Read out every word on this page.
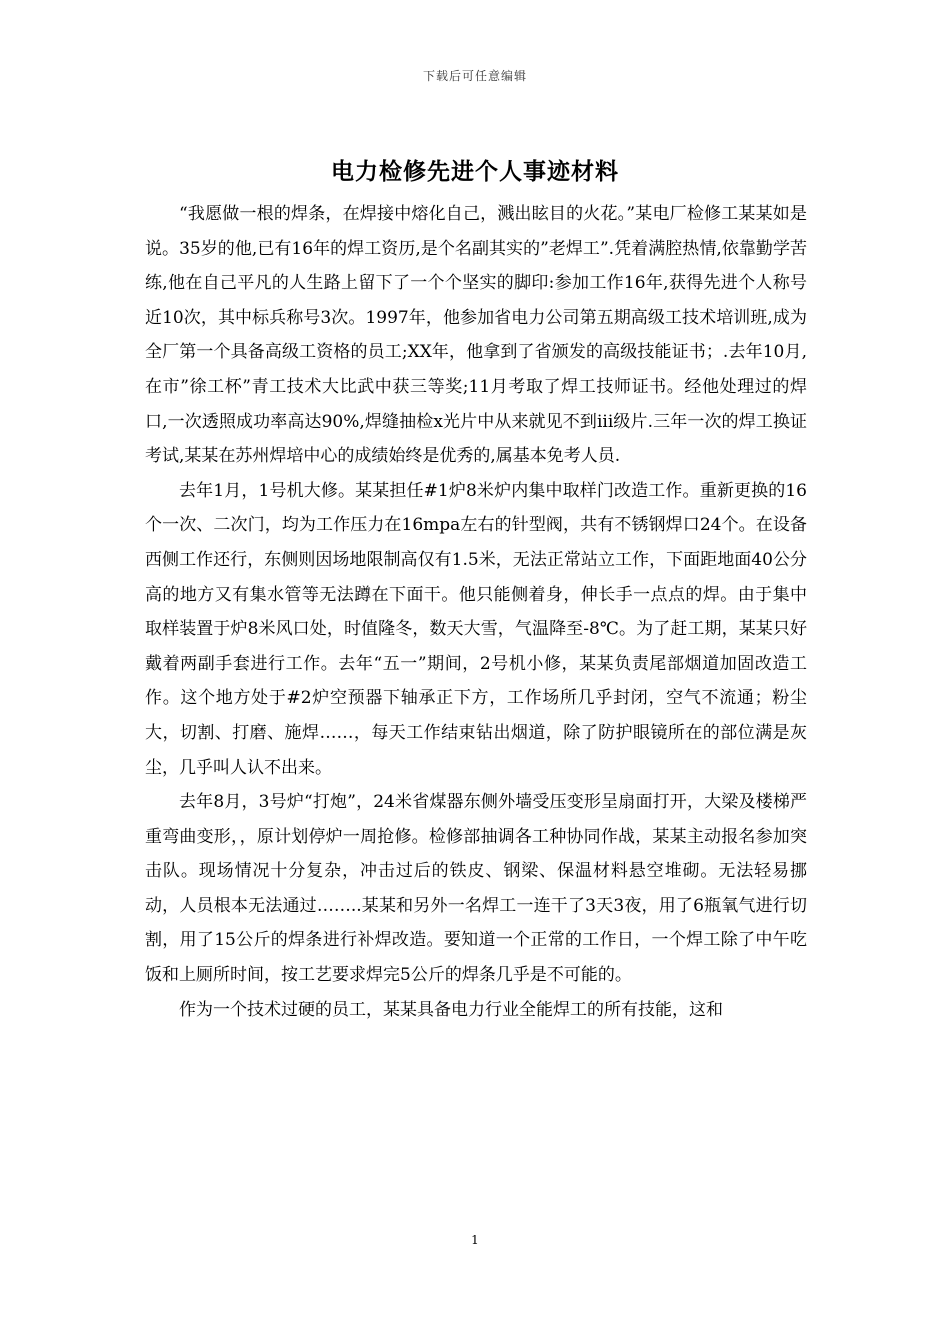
下载后可任意编辑
电力检修先进个人事迹材料

“我愿做一根的焊条，在焊接中熔化自己，溅出眩目的火花。”某电厂检修工某某如是说。35岁的他,已有16年的焊工资历,是个名副其实的”老焊工”.凭着满腔热情,依靠勤学苦练,他在自己平凡的人生路上留下了一个个坚实的脚印:参加工作16年,获得先进个人称号近10次，其中标兵称号3次。1997年，他参加省电力公司第五期高级工技术培训班,成为全厂第一个具备高级工资格的员工;XX年，他拿到了省颁发的高级技能证书；.去年10月,在市”徐工杯”青工技术大比武中获三等奖;11月考取了焊工技师证书。经他处理过的焊口,一次透照成功率高达90%,焊缝抽检x光片中从来就见不到iii级片.三年一次的焊工换证考试,某某在苏州焊培中心的成绩始终是优秀的,属基本免考人员.

去年1月，1号机大修。某某担任#1炉8米炉内集中取样门改造工作。重新更换的16个一次、二次门，均为工作压力在16mpa左右的针型阀，共有不锈钢焊口24个。在设备西侧工作还行，东侧则因场地限制高仅有1.5米，无法正常站立工作，下面距地面40公分高的地方又有集水管等无法蹲在下面干。他只能侧着身，伸长手一点点的焊。由于集中取样装置于炉8米风口处，时值隆冬，数天大雪，气温降至-8℃。为了赶工期，某某只好戴着两副手套进行工作。去年“五一”期间，2号机小修，某某负责尾部烟道加固改造工作。这个地方处于#2炉空预器下轴承正下方，工作场所几乎封闭，空气不流通；粉尘大，切割、打磨、施焊……，每天工作结束钻出烟道，除了防护眼镜所在的部位满是灰尘，几乎叫人认不出来。

去年8月，3号炉“打炮”，24米省煤器东侧外墙受压变形呈扇面打开，大梁及楼梯严重弯曲变形，，原计划停炉一周抢修。检修部抽调各工种协同作战，某某主动报名参加突击队。现场情况十分复杂，冲击过后的铁皮、钢梁、保温材料悬空堆砌。无法轻易挪动，人员根本无法通过……..某某和另外一名焊工一连干了3天3夜，用了6瓶氧气进行切割，用了15公斤的焊条进行补焊改造。要知道一个正常的工作日，一个焊工除了中午吃饭和上厕所时间，按工艺要求焊完5公斤的焊条几乎是不可能的。

作为一个技术过硬的员工，某某具备电力行业全能焊工的所有技能，这和

1
